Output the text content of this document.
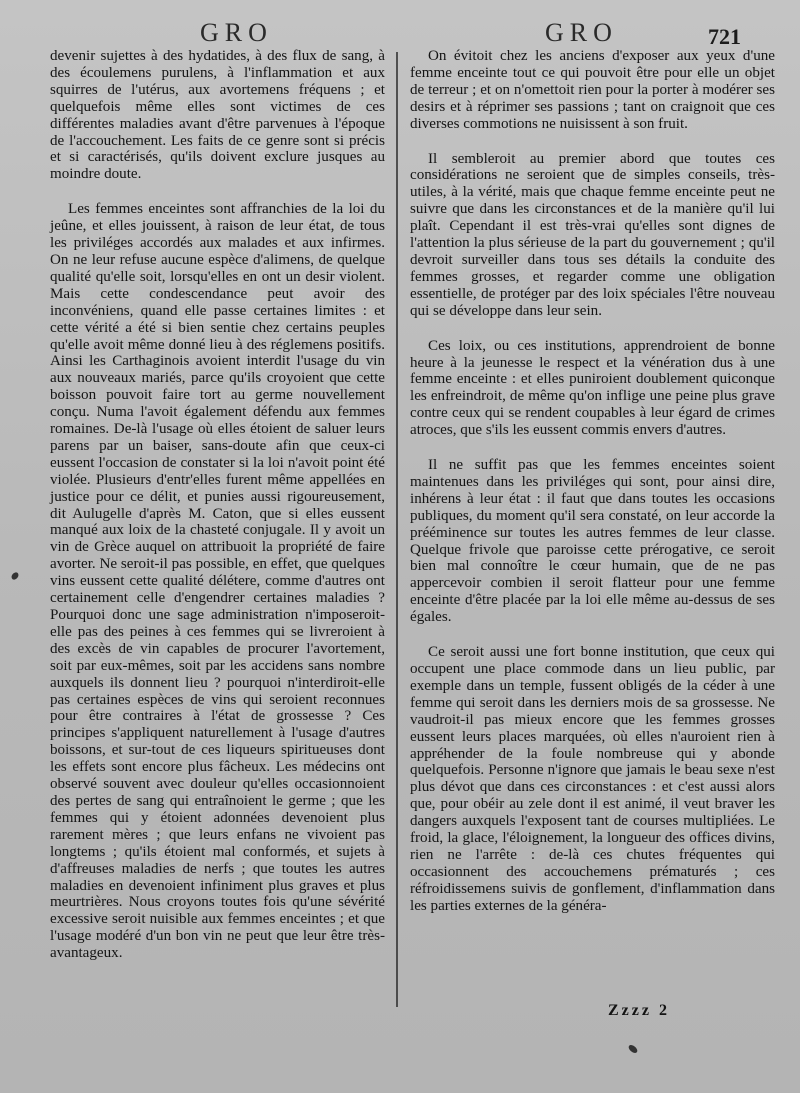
GRO	GRO	721

devenir sujettes à des hydatides, à des flux de sang, à des écoulemens purulens, à l'inflammation et aux squirres de l'utérus, aux avortemens fréquens ; et quelquefois même elles sont victimes de ces différentes maladies avant d'être parvenues à l'époque de l'accouchement. Les faits de ce genre sont si précis et si caractérisés, qu'ils doivent exclure jusques au moindre doute.

Les femmes enceintes sont affranchies de la loi du jeûne, et elles jouissent, à raison de leur état, de tous les priviléges accordés aux malades et aux infirmes. On ne leur refuse aucune espèce d'alimens, de quelque qualité qu'elle soit, lorsqu'elles en ont un desir violent. Mais cette condescendance peut avoir des inconvéniens, quand elle passe certaines limites : et cette vérité a été si bien sentie chez certains peuples qu'elle avoit même donné lieu à des réglemens positifs. Ainsi les Carthaginois avoient interdit l'usage du vin aux nouveaux mariés, parce qu'ils croyoient que cette boisson pouvoit faire tort au germe nouvellement conçu. Numa l'avoit également défendu aux femmes romaines. De-là l'usage où elles étoient de saluer leurs parens par un baiser, sans-doute afin que ceux-ci eussent l'occasion de constater si la loi n'avoit point été violée. Plusieurs d'entr'elles furent même appellées en justice pour ce délit, et punies aussi rigoureusement, dit Aulugelle d'après M. Caton, que si elles eussent manqué aux loix de la chasteté conjugale. Il y avoit un vin de Grèce auquel on attribuoit la propriété de faire avorter. Ne seroit-il pas possible, en effet, que quelques vins eussent cette qualité délétere, comme d'autres ont certainement celle d'engendrer certaines maladies ? Pourquoi donc une sage administration n'imposeroit-elle pas des peines à ces femmes qui se livreroient à des excès de vin capables de procurer l'avortement, soit par eux-mêmes, soit par les accidens sans nombre auxquels ils donnent lieu ? pourquoi n'interdiroit-elle pas certaines espèces de vins qui seroient reconnues pour être contraires à l'état de grossesse ? Ces principes s'appliquent naturellement à l'usage d'autres boissons, et sur-tout de ces liqueurs spiritueuses dont les effets sont encore plus fâcheux. Les médecins ont observé souvent avec douleur qu'elles occasionnoient des pertes de sang qui entraînoient le germe ; que les femmes qui y étoient adonnées devenoient plus rarement mères ; que leurs enfans ne vivoient pas longtems ; qu'ils étoient mal conformés, et sujets à d'affreuses maladies de nerfs ; que toutes les autres maladies en devenoient infiniment plus graves et plus meurtrières. Nous croyons toutes fois qu'une sévérité excessive seroit nuisible aux femmes enceintes ; et que l'usage modéré d'un bon vin ne peut que leur être très-avantageux.

On évitoit chez les anciens d'exposer aux yeux d'une femme enceinte tout ce qui pouvoit être pour elle un objet de terreur ; et on n'omettoit rien pour la porter à modérer ses desirs et à réprimer ses passions ; tant on craignoit que ces diverses commotions ne nuisissent à son fruit.

Il sembleroit au premier abord que toutes ces considérations ne seroient que de simples conseils, très-utiles, à la vérité, mais que chaque femme enceinte peut ne suivre que dans les circonstances et de la manière qu'il lui plaît. Cependant il est très-vrai qu'elles sont dignes de l'attention la plus sérieuse de la part du gouvernement ; qu'il devroit surveiller dans tous ses détails la conduite des femmes grosses, et regarder comme une obligation essentielle, de protéger par des loix spéciales l'être nouveau qui se développe dans leur sein.

Ces loix, ou ces institutions, apprendroient de bonne heure à la jeunesse le respect et la vénération dus à une femme enceinte : et elles puniroient doublement quiconque les enfreindroit, de même qu'on inflige une peine plus grave contre ceux qui se rendent coupables à leur égard de crimes atroces, que s'ils les eussent commis envers d'autres.

Il ne suffit pas que les femmes enceintes soient maintenues dans les priviléges qui sont, pour ainsi dire, inhérens à leur état : il faut que dans toutes les occasions publiques, du moment qu'il sera constaté, on leur accorde la prééminence sur toutes les autres femmes de leur classe. Quelque frivole que paroisse cette prérogative, ce seroit bien mal connoître le cœur humain, que de ne pas appercevoir combien il seroit flatteur pour une femme enceinte d'être placée par la loi elle même au-dessus de ses égales.

Ce seroit aussi une fort bonne institution, que ceux qui occupent une place commode dans un lieu public, par exemple dans un temple, fussent obligés de la céder à une femme qui seroit dans les derniers mois de sa grossesse. Ne vaudroit-il pas mieux encore que les femmes grosses eussent leurs places marquées, où elles n'auroient rien à appréhender de la foule nombreuse qui y abonde quelquefois. Personne n'ignore que jamais le beau sexe n'est plus dévot que dans ces circonstances : et c'est aussi alors que, pour obéir au zele dont il est animé, il veut braver les dangers auxquels l'exposent tant de courses multipliées. Le froid, la glace, l'éloignement, la longueur des offices divins, rien ne l'arrête : de-là ces chutes fréquentes qui occasionnent des accouchemens prématurés ; ces réfroidissemens suivis de gonflement, d'inflammation dans les parties externes de la généra-

Zzzz 2
